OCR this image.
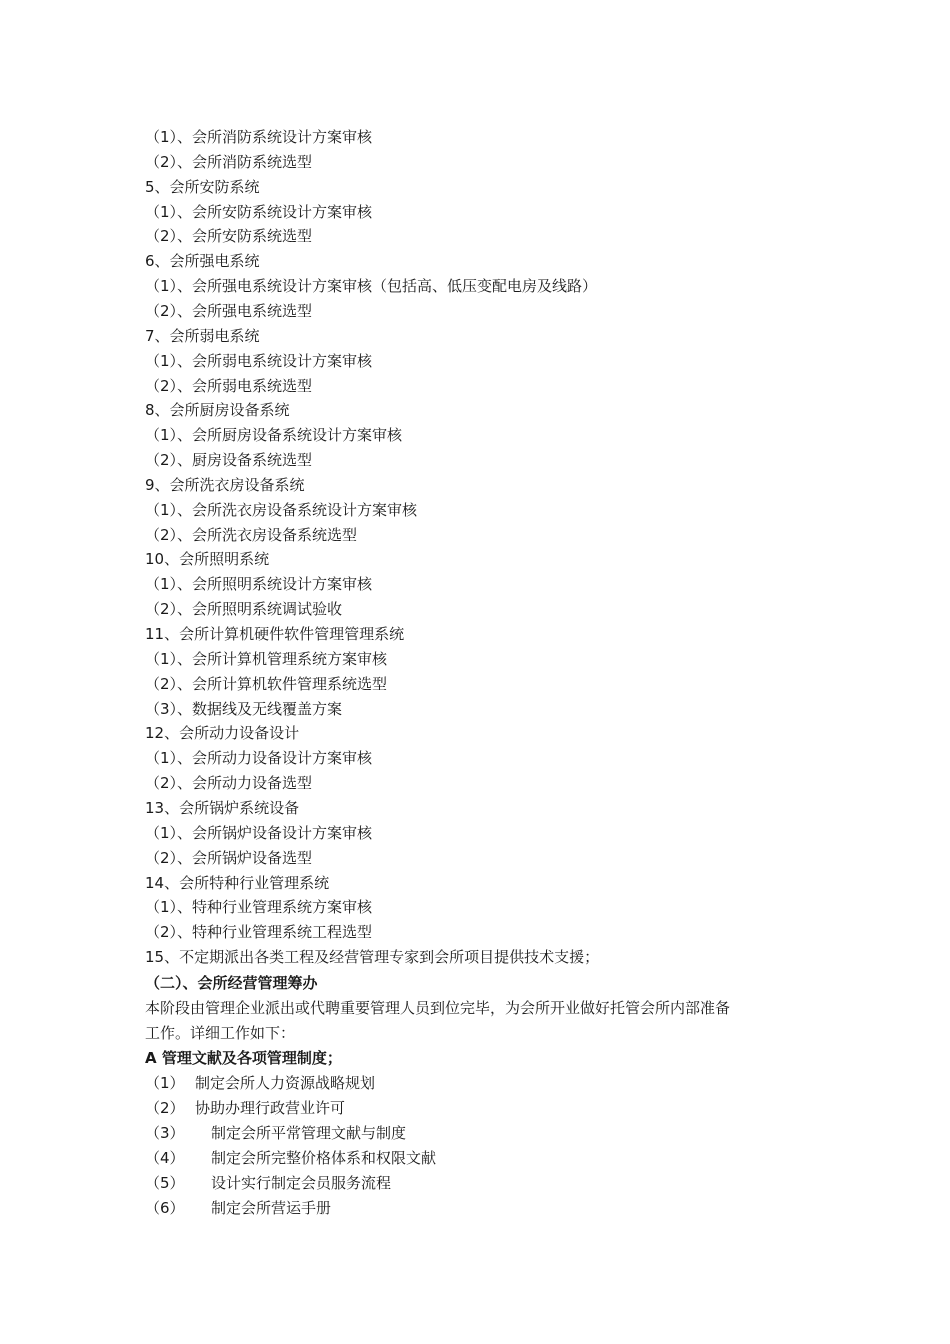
（1）、会所消防系统设计方案审核
（2）、会所消防系统选型
5、会所安防系统
（1）、会所安防系统设计方案审核
（2）、会所安防系统选型
6、会所强电系统
（1）、会所强电系统设计方案审核（包括高、低压变配电房及线路）
（2）、会所强电系统选型
7、会所弱电系统
（1）、会所弱电系统设计方案审核
（2）、会所弱电系统选型
8、会所厨房设备系统
（1）、会所厨房设备系统设计方案审核
（2）、厨房设备系统选型
9、会所洗衣房设备系统
（1）、会所洗衣房设备系统设计方案审核
（2）、会所洗衣房设备系统选型
10、会所照明系统
（1）、会所照明系统设计方案审核
（2）、会所照明系统调试验收
11、会所计算机硬件软件管理管理系统
（1）、会所计算机管理系统方案审核
（2）、会所计算机软件管理系统选型
（3）、数据线及无线覆盖方案
12、会所动力设备设计
（1）、会所动力设备设计方案审核
（2）、会所动力设备选型
13、会所锅炉系统设备
（1）、会所锅炉设备设计方案审核
（2）、会所锅炉设备选型
14、会所特种行业管理系统
（1）、特种行业管理系统方案审核
（2）、特种行业管理系统工程选型
15、不定期派出各类工程及经营管理专家到会所项目提供技术支援；
（二）、会所经营管理筹办
本阶段由管理企业派出或代聘重要管理人员到位完毕，为会所开业做好托管会所内部准备
工作。详细工作如下：
A 管理文献及各项管理制度；
（1） 制定会所人力资源战略规划
（2） 协助办理行政营业许可
（3） 制定会所平常管理文献与制度
（4） 制定会所完整价格体系和权限文献
（5） 设计实行制定会员服务流程
（6） 制定会所营运手册
